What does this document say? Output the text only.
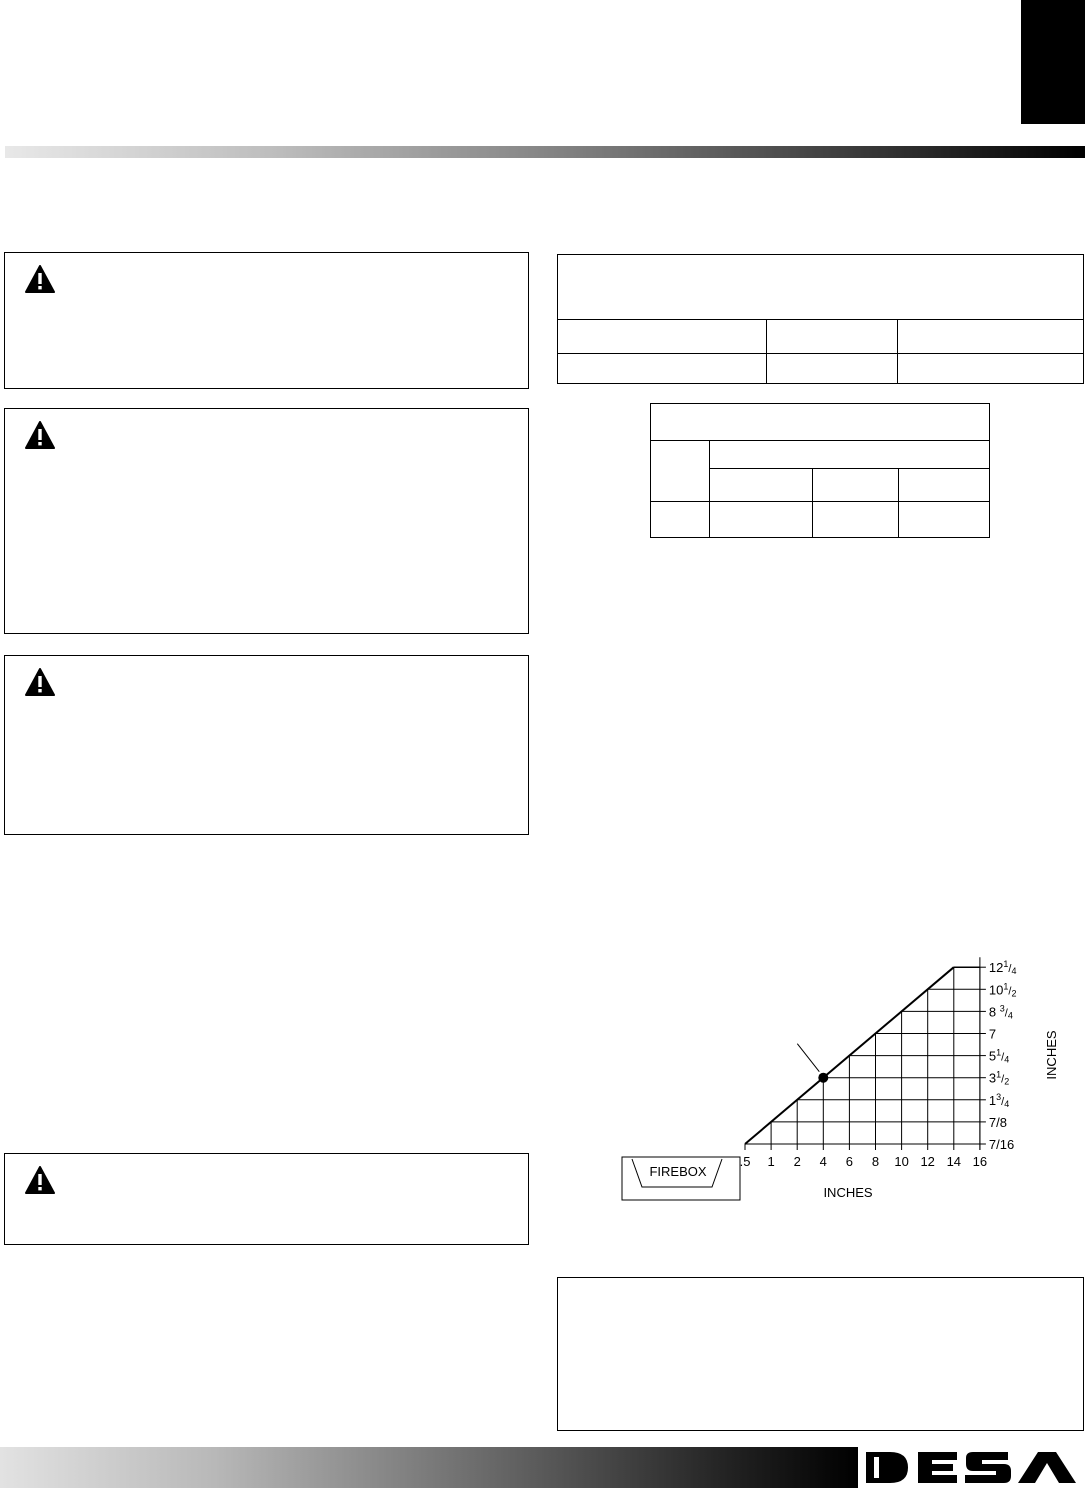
.5 1 2 4 6 8 10 12 14 16
7/16
7/8
$1^3_/4$
$3^1_/2$
$5^1_/4$
7
8 $^3_/$4
$10^1_/2$
$12^1_/4$
INCHES
INCHES
FIREBOX
